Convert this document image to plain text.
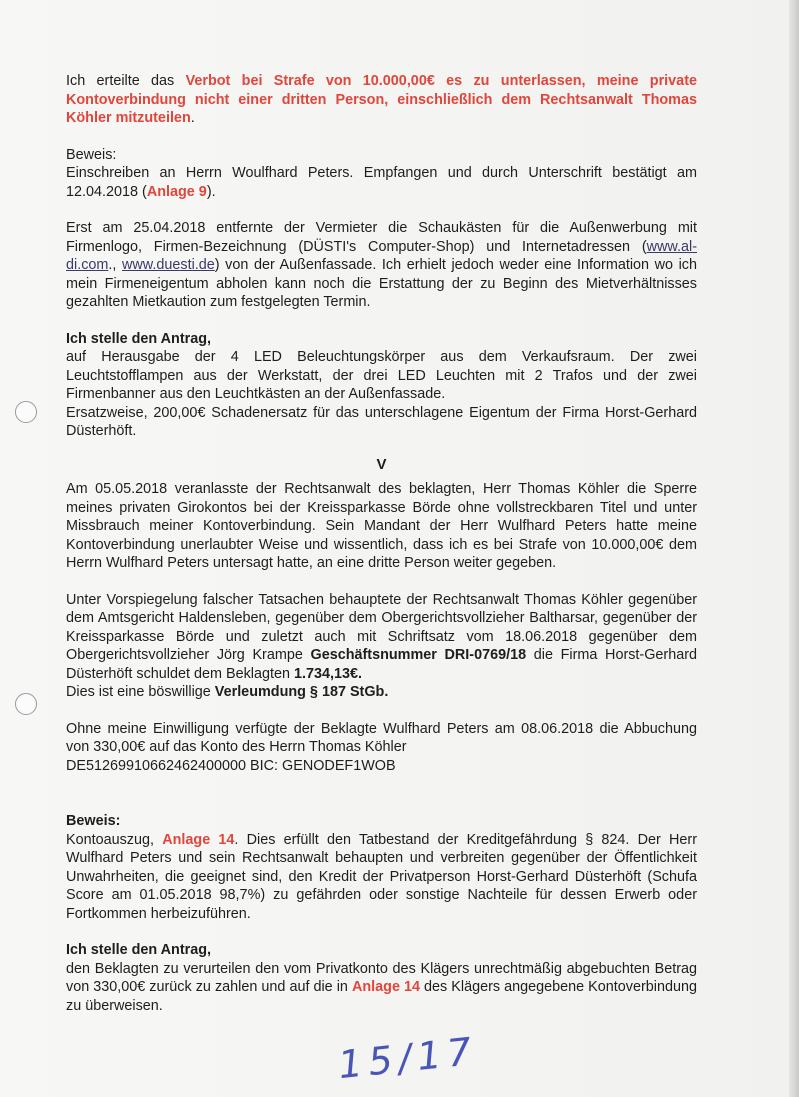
Ich erteilte das Verbot bei Strafe von 10.000,00€ es zu unterlassen, meine private Kontoverbindung nicht einer dritten Person, einschließlich dem Rechtsanwalt Thomas Köhler mitzuteilen.

Beweis:
Einschreiben an Herrn Woulfhard Peters. Empfangen und durch Unterschrift bestätigt am 12.04.2018 (Anlage 9).

Erst am 25.04.2018 entfernte der Vermieter die Schaukästen für die Außenwerbung mit Firmenlogo, Firmen-Bezeichnung (DÜSTI's Computer-Shop) und Internetadressen (www.al-di.com., www.duesti.de) von der Außenfassade. Ich erhielt jedoch weder eine Information wo ich mein Firmeneigentum abholen kann noch die Erstattung der zu Beginn des Mietverhältnisses gezahlten Mietkaution zum festgelegten Termin.

Ich stelle den Antrag,
auf Herausgabe der 4 LED Beleuchtungskörper aus dem Verkaufsraum. Der zwei Leuchtstofflampen aus der Werkstatt, der drei LED Leuchten mit 2 Trafos und der zwei Firmenbanner aus den Leuchtkästen an der Außenfassade.
Ersatzweise, 200,00€ Schadenersatz für das unterschlagene Eigentum der Firma Horst-Gerhard Düsterhöft.

V

Am 05.05.2018 veranlasste der Rechtsanwalt des beklagten, Herr Thomas Köhler die Sperre meines privaten Girokontos bei der Kreissparkasse Börde ohne vollstreckbaren Titel und unter Missbrauch meiner Kontoverbindung. Sein Mandant der Herr Wulfhard Peters hatte meine Kontoverbindung unerlaubter Weise und wissentlich, dass ich es bei Strafe von 10.000,00€ dem Herrn Wulfhard Peters untersagt hatte, an eine dritte Person weiter gegeben.

Unter Vorspiegelung falscher Tatsachen behauptete der Rechtsanwalt Thomas Köhler gegenüber dem Amtsgericht Haldensleben, gegenüber dem Obergerichtsvollzieher Baltharsar, gegenüber der Kreissparkasse Börde und zuletzt auch mit Schriftsatz vom 18.06.2018 gegenüber dem Obergerichtsvollzieher Jörg Krampe Geschäftsnummer DRI-0769/18 die Firma Horst-Gerhard Düsterhöft schuldet dem Beklagten 1.734,13€.
Dies ist eine böswillige Verleumdung § 187 StGb.

Ohne meine Einwilligung verfügte der Beklagte Wulfhard Peters am 08.06.2018 die Abbuchung von 330,00€ auf das Konto des Herrn Thomas Köhler
DE51269910662462400000 BIC: GENODEF1WOB

Beweis:
Kontoauszug, Anlage 14. Dies erfüllt den Tatbestand der Kreditgefährdung § 824. Der Herr Wulfhard Peters und sein Rechtsanwalt behaupten und verbreiten gegenüber der Öffentlichkeit Unwahrheiten, die geeignet sind, den Kredit der Privatperson Horst-Gerhard Düsterhöft (Schufa Score am 01.05.2018 98,7%) zu gefährden oder sonstige Nachteile für dessen Erwerb oder Fortkommen herbeizuführen.

Ich stelle den Antrag,
den Beklagten zu verurteilen den vom Privatkonto des Klägers unrechtmäßig abgebuchten Betrag von 330,00€ zurück zu zahlen und auf die in Anlage 14 des Klägers angegebene Kontoverbindung zu überweisen.

15/17
